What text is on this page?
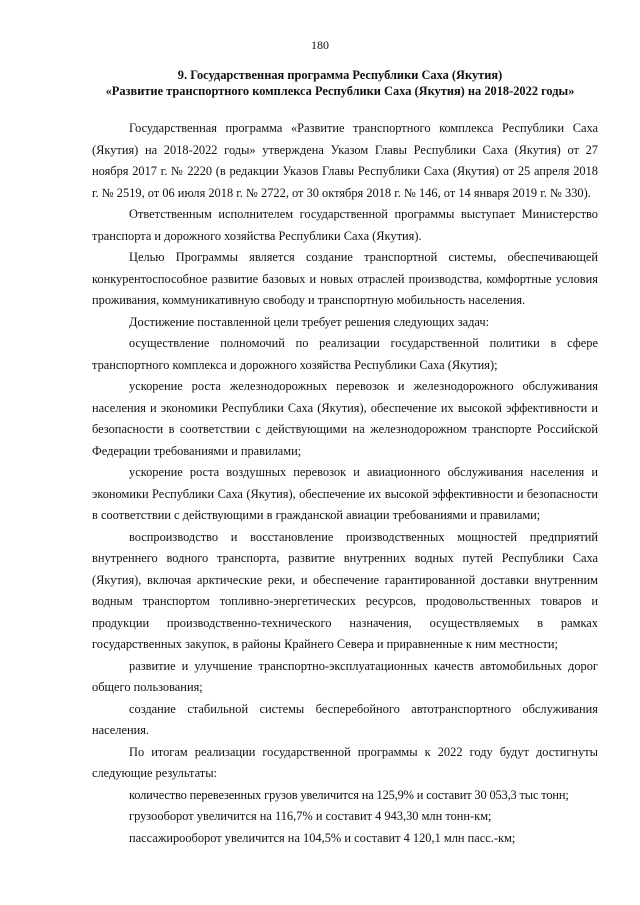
180
9. Государственная программа Республики Саха (Якутия)
«Развитие транспортного комплекса Республики Саха (Якутия) на 2018-2022 годы»

Государственная программа «Развитие транспортного комплекса Республики Саха (Якутия) на 2018-2022 годы» утверждена Указом Главы Республики Саха (Якутия) от 27 ноября 2017 г. № 2220 (в редакции Указов Главы Республики Саха (Якутия) от 25 апреля 2018 г. № 2519, от 06 июля 2018 г. № 2722, от 30 октября 2018 г. № 146, от 14 января 2019 г. № 330).

Ответственным исполнителем государственной программы выступает Министерство транспорта и дорожного хозяйства Республики Саха (Якутия).

Целью Программы является создание транспортной системы, обеспечивающей конкурентоспособное развитие базовых и новых отраслей производства, комфортные условия проживания, коммуникативную свободу и транспортную мобильность населения.

Достижение поставленной цели требует решения следующих задач:

осуществление полномочий по реализации государственной политики в сфере транспортного комплекса и дорожного хозяйства Республики Саха (Якутия);

ускорение роста железнодорожных перевозок и железнодорожного обслуживания населения и экономики Республики Саха (Якутия), обеспечение их высокой эффективности и безопасности в соответствии с действующими на железнодорожном транспорте Российской Федерации требованиями и правилами;

ускорение роста воздушных перевозок и авиационного обслуживания населения и экономики Республики Саха (Якутия), обеспечение их высокой эффективности и безопасности в соответствии с действующими в гражданской авиации требованиями и правилами;

воспроизводство и восстановление производственных мощностей предприятий внутреннего водного транспорта, развитие внутренних водных путей Республики Саха (Якутия), включая арктические реки, и обеспечение гарантированной доставки внутренним водным транспортом топливно-энергетических ресурсов, продовольственных товаров и продукции производственно-технического назначения, осуществляемых в рамках государственных закупок, в районы Крайнего Севера и приравненные к ним местности;

развитие и улучшение транспортно-эксплуатационных качеств автомобильных дорог общего пользования;

создание стабильной системы бесперебойного автотранспортного обслуживания населения.

По итогам реализации государственной программы к 2022 году будут достигнуты следующие результаты:

количество перевезенных грузов увеличится на 125,9% и составит 30 053,3 тыс тонн;

грузооборот увеличится на 116,7% и составит 4 943,30 млн тонн-км;

пассажирооборот увеличится на 104,5% и составит 4 120,1 млн пасс.-км;
